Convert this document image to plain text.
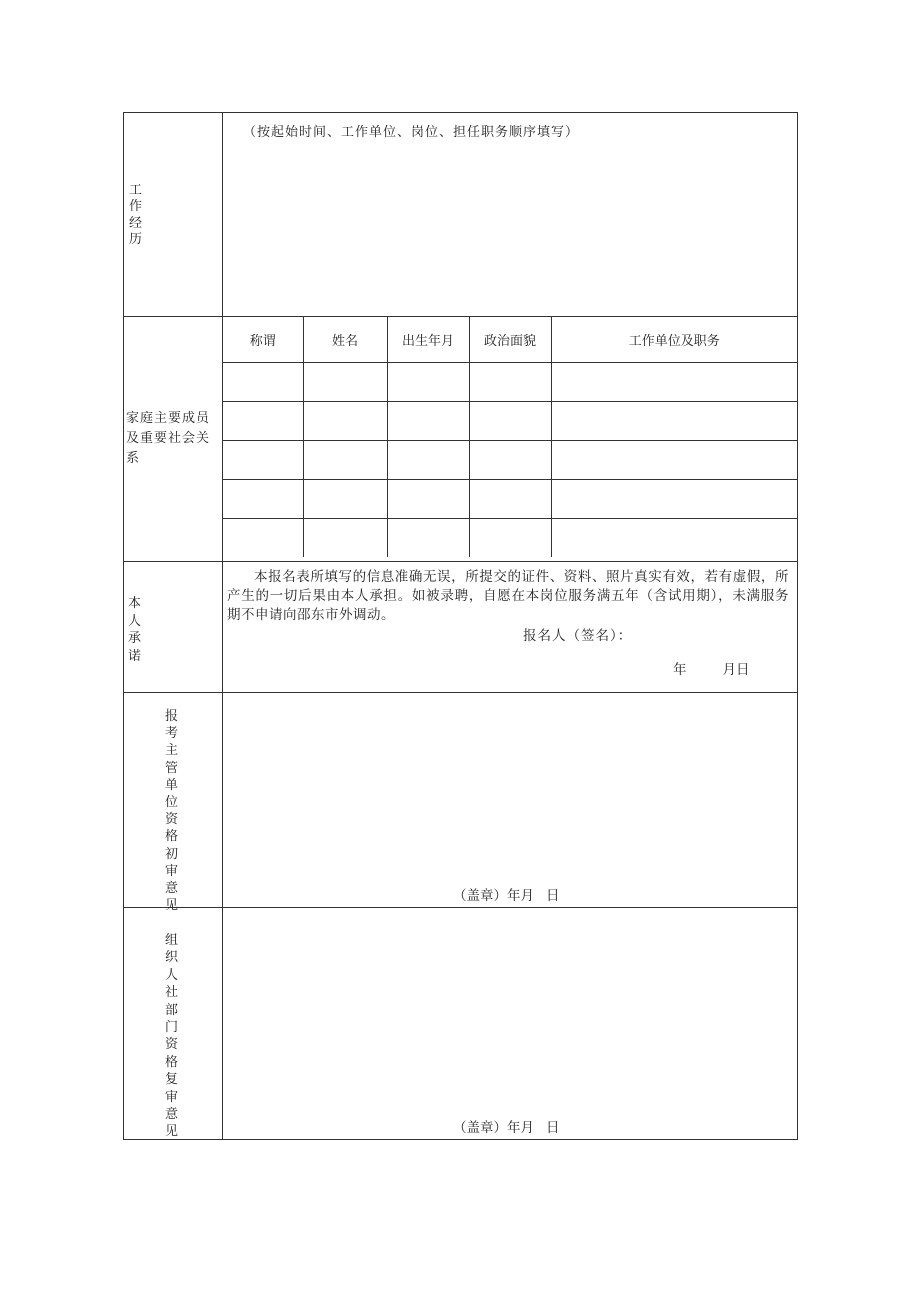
工作经历
（按起始时间、工作单位、岗位、担任职务顺序填写）
家庭主要成员及重要社会关系
称谓	姓名	出生年月	政治面貌	工作单位及职务

本人承诺
本报名表所填写的信息准确无误，所提交的证件、资料、照片真实有效，若有虚假，所产生的一切后果由本人承担。如被录聘，自愿在本岗位服务满五年（含试用期），未满服务期不申请向邵东市外调动。
报名人（签名）：
年	月日
报考主管单位资格初审意见
（盖章）年月 日
组织人社部门资格复审意见	（盖章）年月 日
